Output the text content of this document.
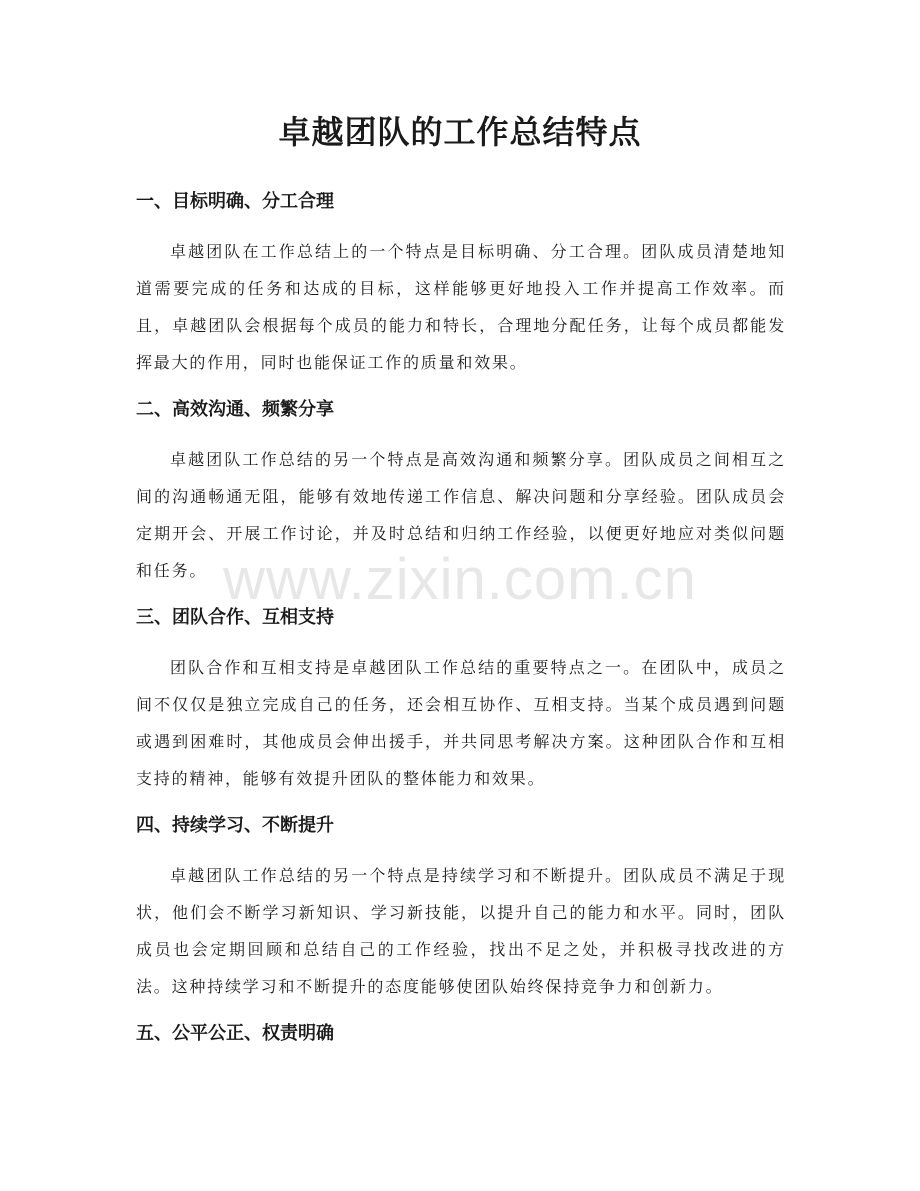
卓越团队的工作总结特点
一、目标明确、分工合理

卓越团队在工作总结上的一个特点是目标明确、分工合理。团队成员清楚地知道需要完成的任务和达成的目标，这样能够更好地投入工作并提高工作效率。而且，卓越团队会根据每个成员的能力和特长，合理地分配任务，让每个成员都能发挥最大的作用，同时也能保证工作的质量和效果。

二、高效沟通、频繁分享

卓越团队工作总结的另一个特点是高效沟通和频繁分享。团队成员之间相互之间的沟通畅通无阻，能够有效地传递工作信息、解决问题和分享经验。团队成员会定期开会、开展工作讨论，并及时总结和归纳工作经验，以便更好地应对类似问题和任务。

三、团队合作、互相支持

团队合作和互相支持是卓越团队工作总结的重要特点之一。在团队中，成员之间不仅仅是独立完成自己的任务，还会相互协作、互相支持。当某个成员遇到问题或遇到困难时，其他成员会伸出援手，并共同思考解决方案。这种团队合作和互相支持的精神，能够有效提升团队的整体能力和效果。

四、持续学习、不断提升

卓越团队工作总结的另一个特点是持续学习和不断提升。团队成员不满足于现状，他们会不断学习新知识、学习新技能，以提升自己的能力和水平。同时，团队成员也会定期回顾和总结自己的工作经验，找出不足之处，并积极寻找改进的方法。这种持续学习和不断提升的态度能够使团队始终保持竞争力和创新力。

五、公平公正、权责明确
www.zixin.com.cn
